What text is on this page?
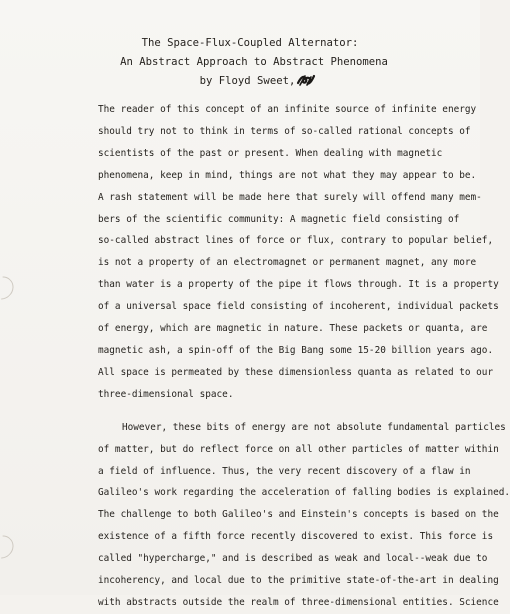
The Space-Flux-Coupled Alternator:
An Abstract Approach to Abstract Phenomena
by Floyd Sweet,
The reader of this concept of an infinite source of infinite energy
should try not to think in terms of so-called rational concepts of
scientists of the past or present. When dealing with magnetic
phenomena, keep in mind, things are not what they may appear to be.
A rash statement will be made here that surely will offend many mem-
bers of the scientific community: A magnetic field consisting of
so-called abstract lines of force or flux, contrary to popular belief,
is not a property of an electromagnet or permanent magnet, any more
than water is a property of the pipe it flows through. It is a property
of a universal space field consisting of incoherent, individual packets
of energy, which are magnetic in nature. These packets or quanta, are
magnetic ash, a spin-off of the Big Bang some 15-20 billion years ago.
All space is permeated by these dimensionless quanta as related to our
three-dimensional space.
However, these bits of energy are not absolute fundamental particles
of matter, but do reflect force on all other particles of matter within
a field of influence. Thus, the very recent discovery of a flaw in
Galileo's work regarding the acceleration of falling bodies is explained.
The challenge to both Galileo's and Einstein's concepts is based on the
existence of a fifth force recently discovered to exist. This force is
called "hypercharge," and is described as weak and local--weak due to
incoherency, and local due to the primitive state-of-the-art in dealing
with abstracts outside the realm of three-dimensional entities. Science
